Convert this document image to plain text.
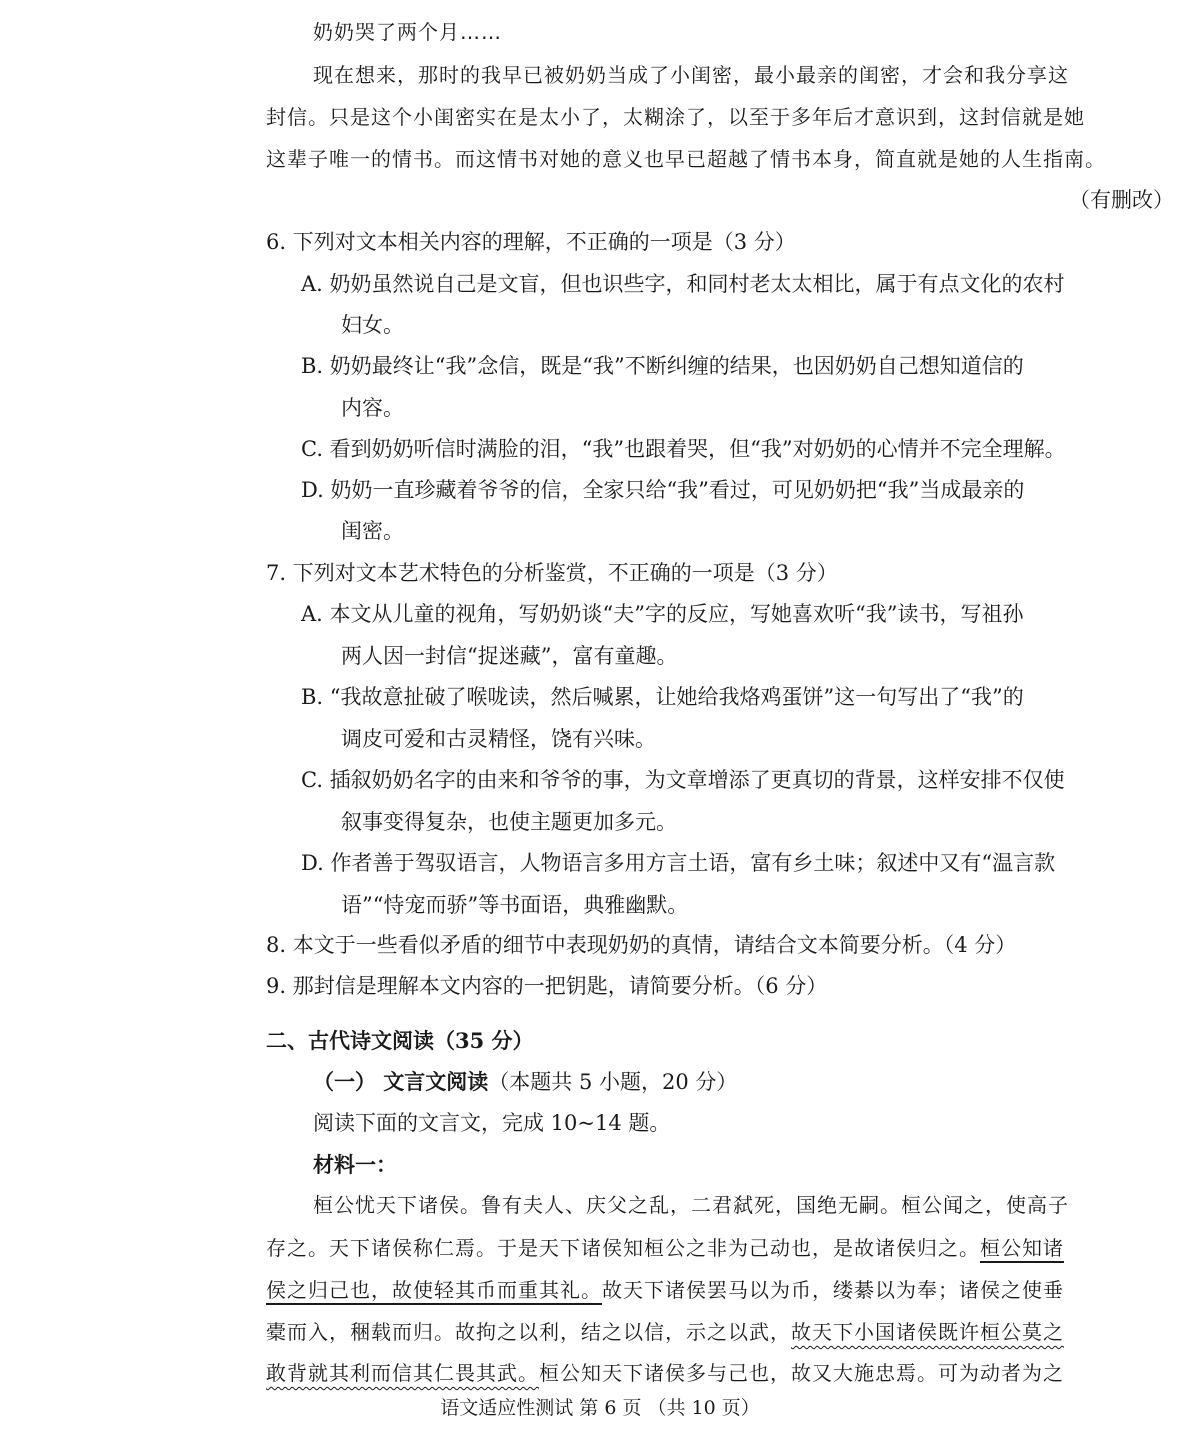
奶奶哭了两个月……
现在想来，那时的我早已被奶奶当成了小闺密，最小最亲的闺密，才会和我分享这
封信。只是这个小闺密实在是太小了，太糊涂了，以至于多年后才意识到，这封信就是她
这辈子唯一的情书。而这情书对她的意义也早已超越了情书本身，简直就是她的人生指南。
（有删改）
6. 下列对文本相关内容的理解，不正确的一项是（3 分）
A. 奶奶虽然说自己是文盲，但也识些字，和同村老太太相比，属于有点文化的农村
妇女。
B. 奶奶最终让“我”念信，既是“我”不断纠缠的结果，也因奶奶自己想知道信的
内容。
C. 看到奶奶听信时满脸的泪，“我”也跟着哭，但“我”对奶奶的心情并不完全理解。
D. 奶奶一直珍藏着爷爷的信，全家只给“我”看过，可见奶奶把“我”当成最亲的
闺密。
7. 下列对文本艺术特色的分析鉴赏，不正确的一项是（3 分）
A. 本文从儿童的视角，写奶奶谈“夫”字的反应，写她喜欢听“我”读书，写祖孙
两人因一封信“捉迷藏”，富有童趣。
B. “我故意扯破了喉咙读，然后喊累，让她给我烙鸡蛋饼”这一句写出了“我”的
调皮可爱和古灵精怪，饶有兴味。
C. 插叙奶奶名字的由来和爷爷的事，为文章增添了更真切的背景，这样安排不仅使
叙事变得复杂，也使主题更加多元。
D. 作者善于驾驭语言，人物语言多用方言土语，富有乡土味；叙述中又有“温言款
语”“恃宠而骄”等书面语，典雅幽默。
8. 本文于一些看似矛盾的细节中表现奶奶的真情，请结合文本简要分析。（4 分）
9. 那封信是理解本文内容的一把钥匙，请简要分析。（6 分）
二、古代诗文阅读（35 分）
（一） 文言文阅读（本题共 5 小题，20 分）
阅读下面的文言文，完成 10~14 题。
材料一：
桓公忧天下诸侯。鲁有夫人、庆父之乱，二君弑死，国绝无嗣。桓公闻之，使高子
存之。天下诸侯称仁焉。于是天下诸侯知桓公之非为己动也，是故诸侯归之。桓公知诸
侯之归己也，故使轻其币而重其礼。故天下诸侯罢马以为币，缕綦以为奉；诸侯之使垂
橐而入，稇载而归。故拘之以利，结之以信，示之以武，故天下小国诸侯既许桓公莫之
敢背就其利而信其仁畏其武。桓公知天下诸侯多与己也，故又大施忠焉。可为动者为之
语文适应性测试 第 6 页 （共 10 页）
